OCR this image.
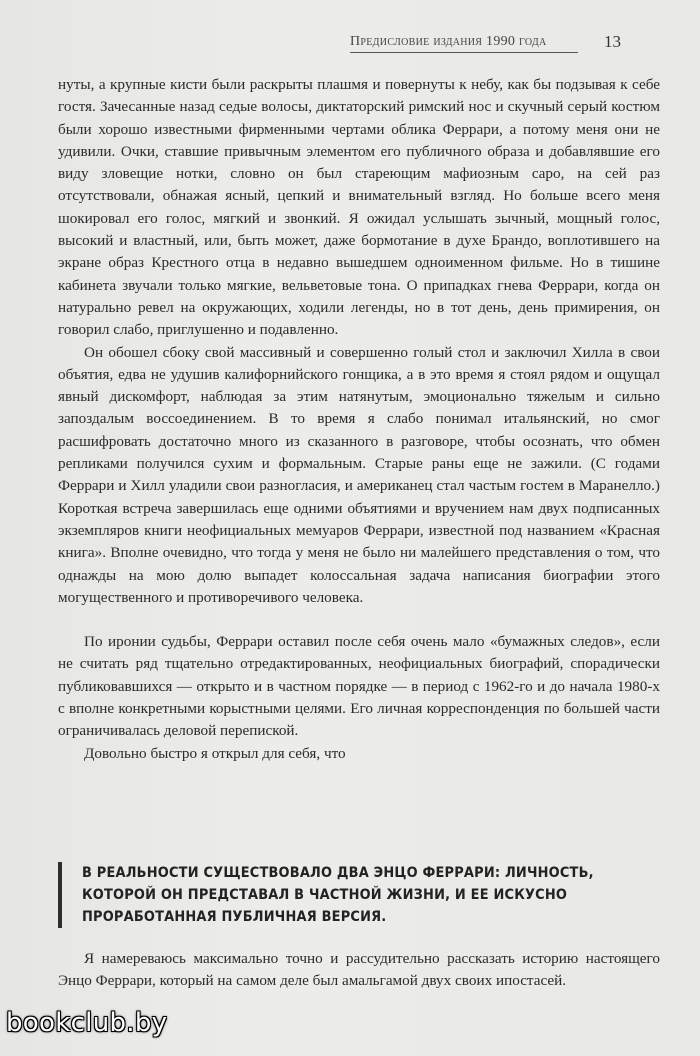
Предисловие издания 1990 года	13

нуты, а крупные кисти были раскрыты плашмя и повернуты к небу, как бы подзывая к себе гостя. Зачесанные назад седые волосы, диктаторский римский нос и скучный серый костюм были хорошо известными фирменными чертами облика Феррари, а потому меня они не удивили. Очки, ставшие привычным элементом его публичного образа и добавлявшие его виду зловещие нотки, словно он был стареющим мафиозным capo, на сей раз отсутствовали, обнажая ясный, цепкий и внимательный взгляд. Но больше всего меня шокировал его голос, мягкий и звонкий. Я ожидал услышать зычный, мощный голос, высокий и властный, или, быть может, даже бормотание в духе Брандо, воплотившего на экране образ Крестного отца в недавно вышедшем одноименном фильме. Но в тишине кабинета звучали только мягкие, вельветовые тона. О припадках гнева Феррари, когда он натурально ревел на окружающих, ходили легенды, но в тот день, день примирения, он говорил слабо, приглушенно и подавленно.

Он обошел сбоку свой массивный и совершенно голый стол и заключил Хилла в свои объятия, едва не удушив калифорнийского гонщика, а в это время я стоял рядом и ощущал явный дискомфорт, наблюдая за этим натянутым, эмоционально тяжелым и сильно запоздалым воссоединением. В то время я слабо понимал итальянский, но смог расшифровать достаточно много из сказанного в разговоре, чтобы осознать, что обмен репликами получился сухим и формальным. Старые раны еще не зажили. (С годами Феррари и Хилл уладили свои разногласия, и американец стал частым гостем в Маранелло.) Короткая встреча завершилась еще одними объятиями и вручением нам двух подписанных экземпляров книги неофициальных мемуаров Феррари, известной под названием «Красная книга». Вполне очевидно, что тогда у меня не было ни малейшего представления о том, что однажды на мою долю выпадет колоссальная задача написания биографии этого могущественного и противоречивого человека.

По иронии судьбы, Феррари оставил после себя очень мало «бумажных следов», если не считать ряд тщательно отредактированных, неофициальных биографий, спорадически публиковавшихся — открыто и в частном порядке — в период с 1962-го и до начала 1980-х с вполне конкретными корыстными целями. Его личная корреспонденция по большей части ограничивалась деловой перепиской.

Довольно быстро я открыл для себя, что

В РЕАЛЬНОСТИ СУЩЕСТВОВАЛО ДВА ЭНЦО ФЕРРАРИ: ЛИЧНОСТЬ, КОТОРОЙ ОН ПРЕДСТАВАЛ В ЧАСТНОЙ ЖИЗНИ, И ЕЕ ИСКУСНО ПРОРАБОТАННАЯ ПУБЛИЧНАЯ ВЕРСИЯ.

Я намереваюсь максимально точно и рассудительно рассказать историю настоящего Энцо Феррари, который на самом деле был амальгамой двух своих ипостасей.

bookclub.by
